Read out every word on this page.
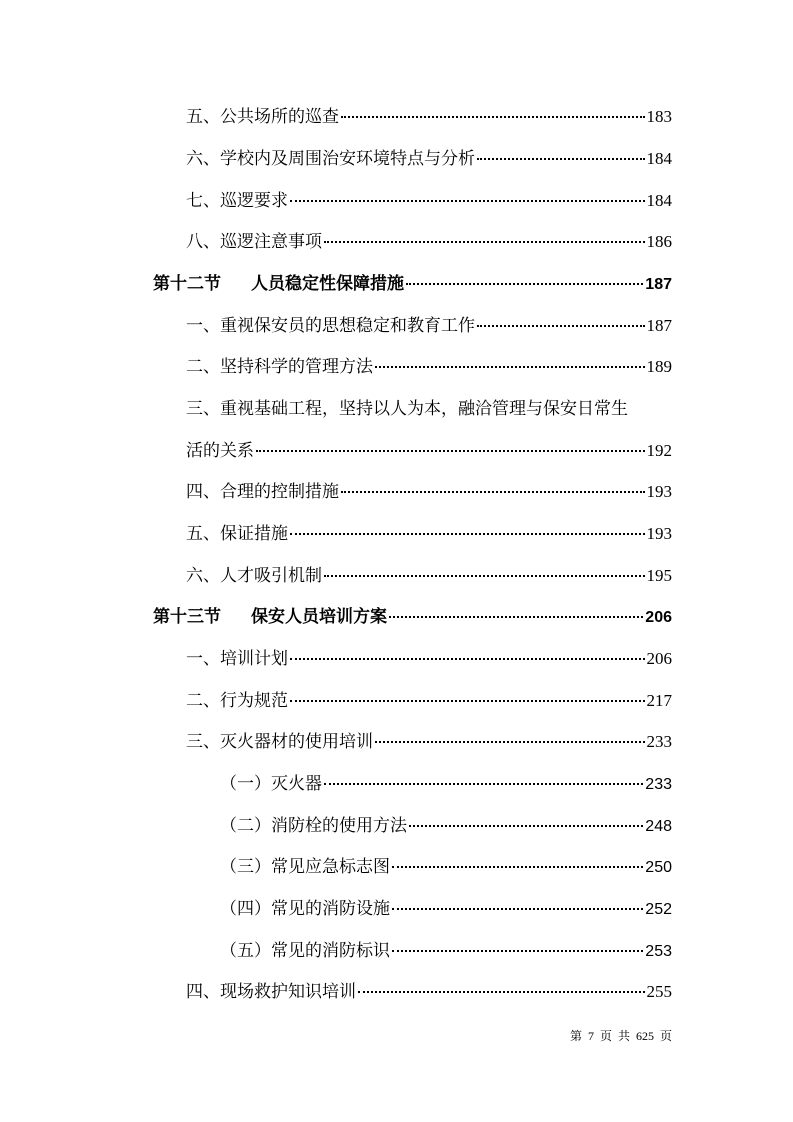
五、公共场所的巡查	183
六、学校内及周围治安环境特点与分析	184
七、巡逻要求	184
八、巡逻注意事项	186
第十二节 人员稳定性保障措施	187
一、重视保安员的思想稳定和教育工作	187
二、坚持科学的管理方法	189
三、重视基础工程，坚持以人为本，融洽管理与保安日常生
活的关系	192
四、合理的控制措施	193
五、保证措施	193
六、人才吸引机制	195
第十三节 保安人员培训方案	206
一、培训计划	206
二、行为规范	217
三、灭火器材的使用培训	233
（一）灭火器	233
（二）消防栓的使用方法	248
（三）常见应急标志图	250
（四）常见的消防设施	252
（五）常见的消防标识	253
四、现场救护知识培训	255
第 7 页 共 625 页
